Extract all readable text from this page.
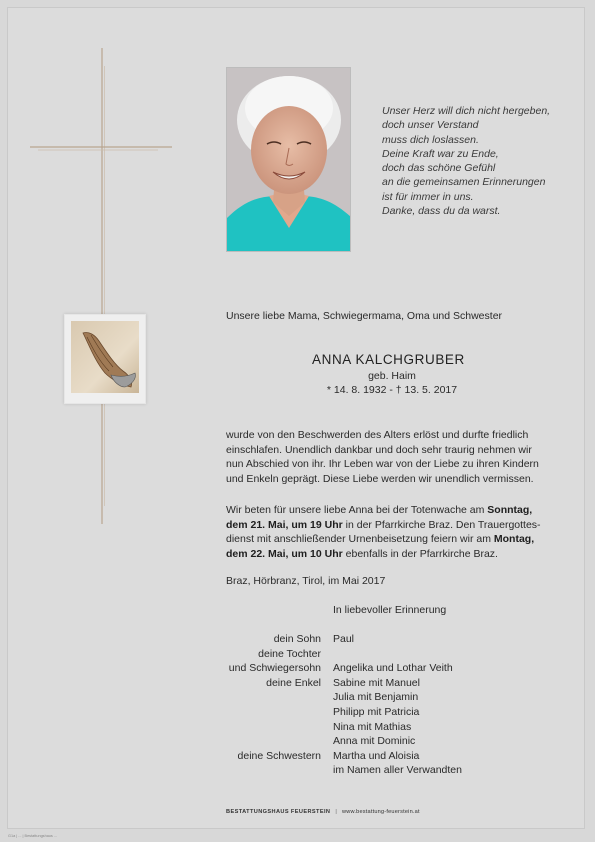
Unser Herz will dich nicht hergeben,
doch unser Verstand
muss dich loslassen.
Deine Kraft war zu Ende,
doch das schöne Gefühl
an die gemeinsamen Erinnerungen
ist für immer in uns.
Danke, dass du da warst.
Unsere liebe Mama, Schwiegermama, Oma und Schwester
ANNA KALCHGRUBER
geb. Haim
* 14. 8. 1932 - † 13. 5. 2017
wurde von den Beschwerden des Alters erlöst und durfte friedlich
einschlafen. Unendlich dankbar und doch sehr traurig nehmen wir
nun Abschied von ihr. Ihr Leben war von der Liebe zu ihren Kindern
und Enkeln geprägt. Diese Liebe werden wir unendlich vermissen.
Wir beten für unsere liebe Anna bei der Totenwache am Sonntag,
dem 21. Mai, um 19 Uhr in der Pfarrkirche Braz. Den Trauergottes-
dienst mit anschließender Urnenbeisetzung feiern wir am Montag,
dem 22. Mai, um 10 Uhr ebenfalls in der Pfarrkirche Braz.
Braz, Hörbranz, Tirol, im Mai 2017
In liebevoller Erinnerung
dein Sohn
deine Tochter
und Schwiegersohn
deine Enkel
deine Schwestern
Paul
Angelika und Lothar Veith
Sabine mit Manuel
Julia mit Benjamin
Philipp mit Patricia
Nina mit Mathias
Anna mit Dominic
Martha und Aloisia
im Namen aller Verwandten
BESTATTUNGSHAUS FEUERSTEIN | www.bestattung-feuerstein.at
G1a | ... | Bestattungshaus ...
